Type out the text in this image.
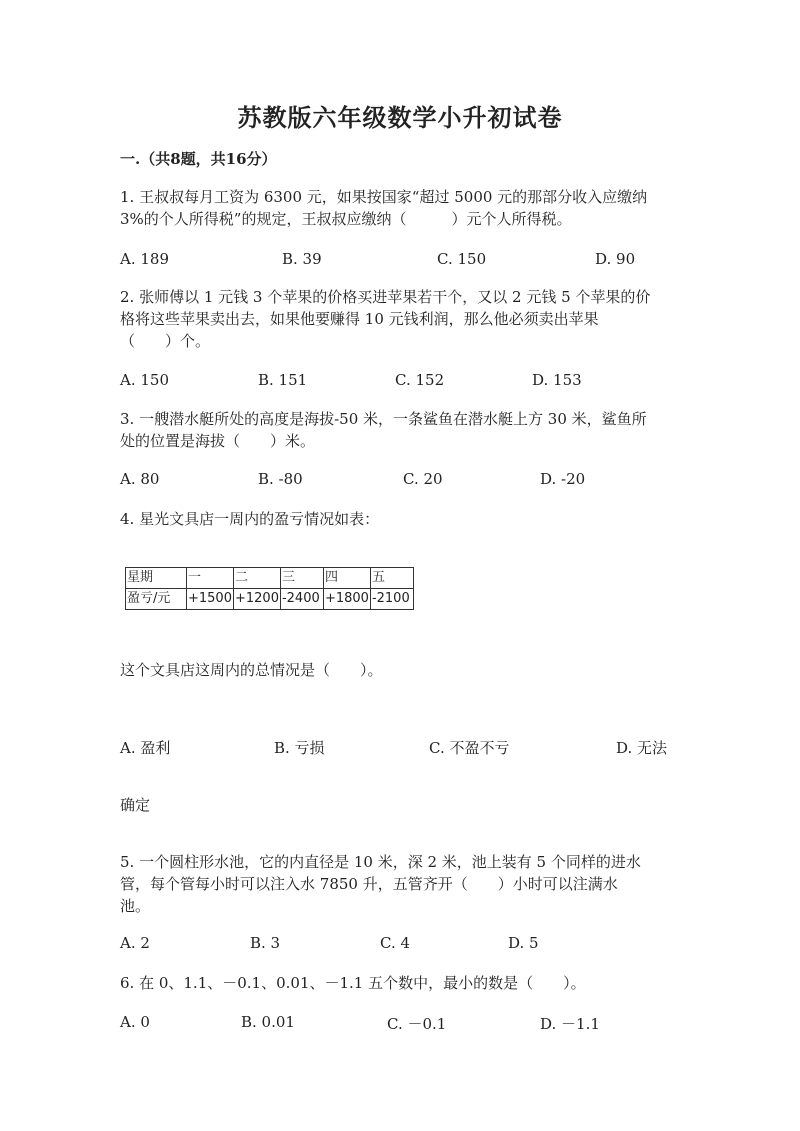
苏教版六年级数学小升初试卷
一.（共8题，共16分）
1. 王叔叔每月工资为 6300 元，如果按国家“超过 5000 元的那部分收入应缴纳
3%的个人所得税”的规定，王叔叔应缴纳（　　　）元个人所得税。
A. 189	B. 39	C. 150	D. 90
2. 张师傅以 1 元钱 3 个苹果的价格买进苹果若干个，又以 2 元钱 5 个苹果的价
格将这些苹果卖出去，如果他要赚得 10 元钱利润，那么他必须卖出苹果
（　　）个。
A. 150	B. 151	C. 152	D. 153
3. 一艘潜水艇所处的高度是海拔-50 米，一条鲨鱼在潜水艇上方 30 米，鲨鱼所
处的位置是海拔（　　）米。
A. 80	B. -80	C. 20	D. -20
4. 星光文具店一周内的盈亏情况如表：
星期	一	二	三	四	五
盈亏/元	+1500	+1200	-2400	+1800	-2100
这个文具店这周内的总情况是（　　）。
A. 盈利	B. 亏损	C. 不盈不亏	D. 无法
确定
5. 一个圆柱形水池，它的内直径是 10 米，深 2 米，池上装有 5 个同样的进水
管，每个管每小时可以注入水 7850 升，五管齐开（　　）小时可以注满水
池。
A. 2	B. 3	C. 4	D. 5
6. 在 0、1.1、－0.1、0.01、－1.1 五个数中，最小的数是（　　）。
A. 0	B. 0.01	C. －0.1	D. －1.1
